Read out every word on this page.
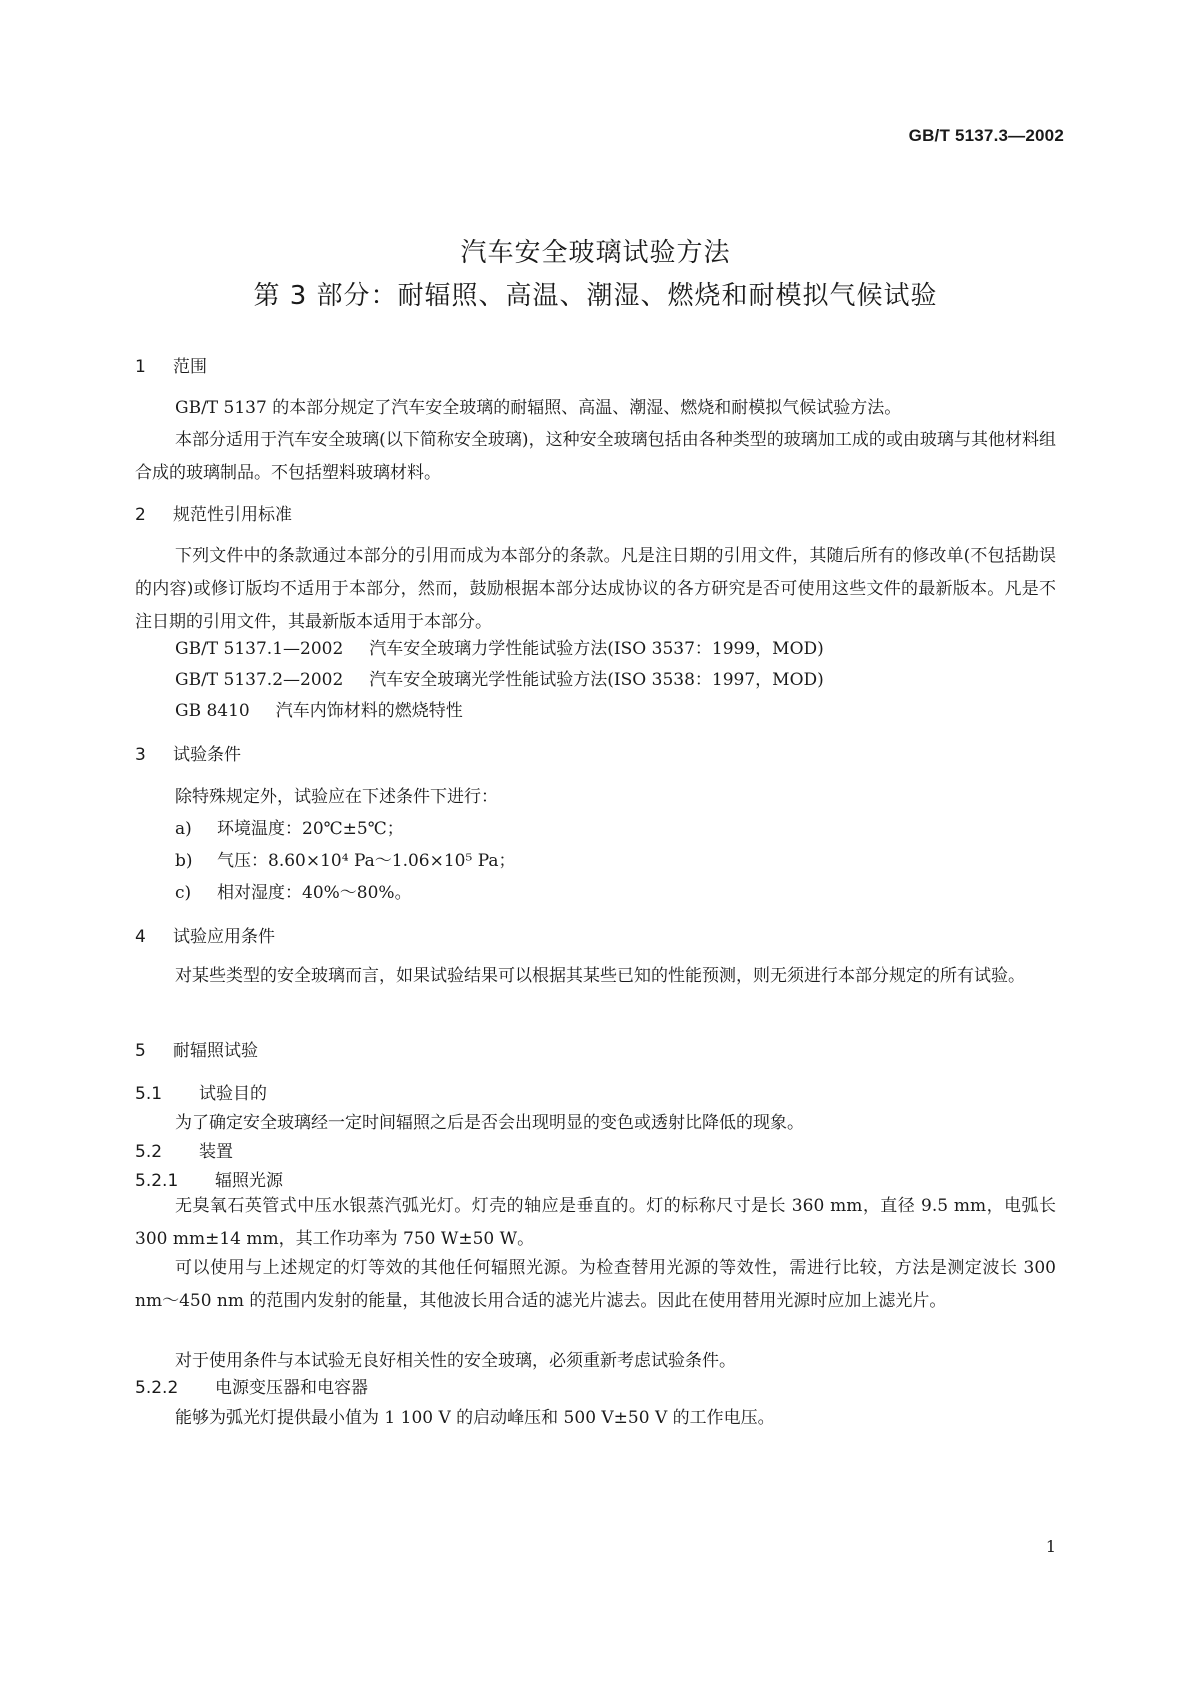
GB/T 5137.3—2002
汽车安全玻璃试验方法
第 3 部分：耐辐照、高温、潮湿、燃烧和耐模拟气候试验
1 范围
GB/T 5137 的本部分规定了汽车安全玻璃的耐辐照、高温、潮湿、燃烧和耐模拟气候试验方法。
本部分适用于汽车安全玻璃(以下简称安全玻璃)，这种安全玻璃包括由各种类型的玻璃加工成的或由玻璃与其他材料组合成的玻璃制品。不包括塑料玻璃材料。
2 规范性引用标准
下列文件中的条款通过本部分的引用而成为本部分的条款。凡是注日期的引用文件，其随后所有的修改单(不包括勘误的内容)或修订版均不适用于本部分，然而，鼓励根据本部分达成协议的各方研究是否可使用这些文件的最新版本。凡是不注日期的引用文件，其最新版本适用于本部分。
GB/T 5137.1—2002 汽车安全玻璃力学性能试验方法(ISO 3537：1999，MOD)
GB/T 5137.2—2002 汽车安全玻璃光学性能试验方法(ISO 3538：1997，MOD)
GB 8410 汽车内饰材料的燃烧特性
3 试验条件
除特殊规定外，试验应在下述条件下进行：
a) 环境温度：20℃±5℃；
b) 气压：8.60×10⁴ Pa～1.06×10⁵ Pa；
c) 相对湿度：40%～80%。
4 试验应用条件
对某些类型的安全玻璃而言，如果试验结果可以根据其某些已知的性能预测，则无须进行本部分规定的所有试验。
5 耐辐照试验
5.1 试验目的
为了确定安全玻璃经一定时间辐照之后是否会出现明显的变色或透射比降低的现象。
5.2 装置
5.2.1 辐照光源
无臭氧石英管式中压水银蒸汽弧光灯。灯壳的轴应是垂直的。灯的标称尺寸是长 360 mm，直径 9.5 mm，电弧长 300 mm±14 mm，其工作功率为 750 W±50 W。
可以使用与上述规定的灯等效的其他任何辐照光源。为检查替用光源的等效性，需进行比较，方法是测定波长 300 nm～450 nm 的范围内发射的能量，其他波长用合适的滤光片滤去。因此在使用替用光源时应加上滤光片。
对于使用条件与本试验无良好相关性的安全玻璃，必须重新考虑试验条件。
5.2.2 电源变压器和电容器
能够为弧光灯提供最小值为 1 100 V 的启动峰压和 500 V±50 V 的工作电压。
1
